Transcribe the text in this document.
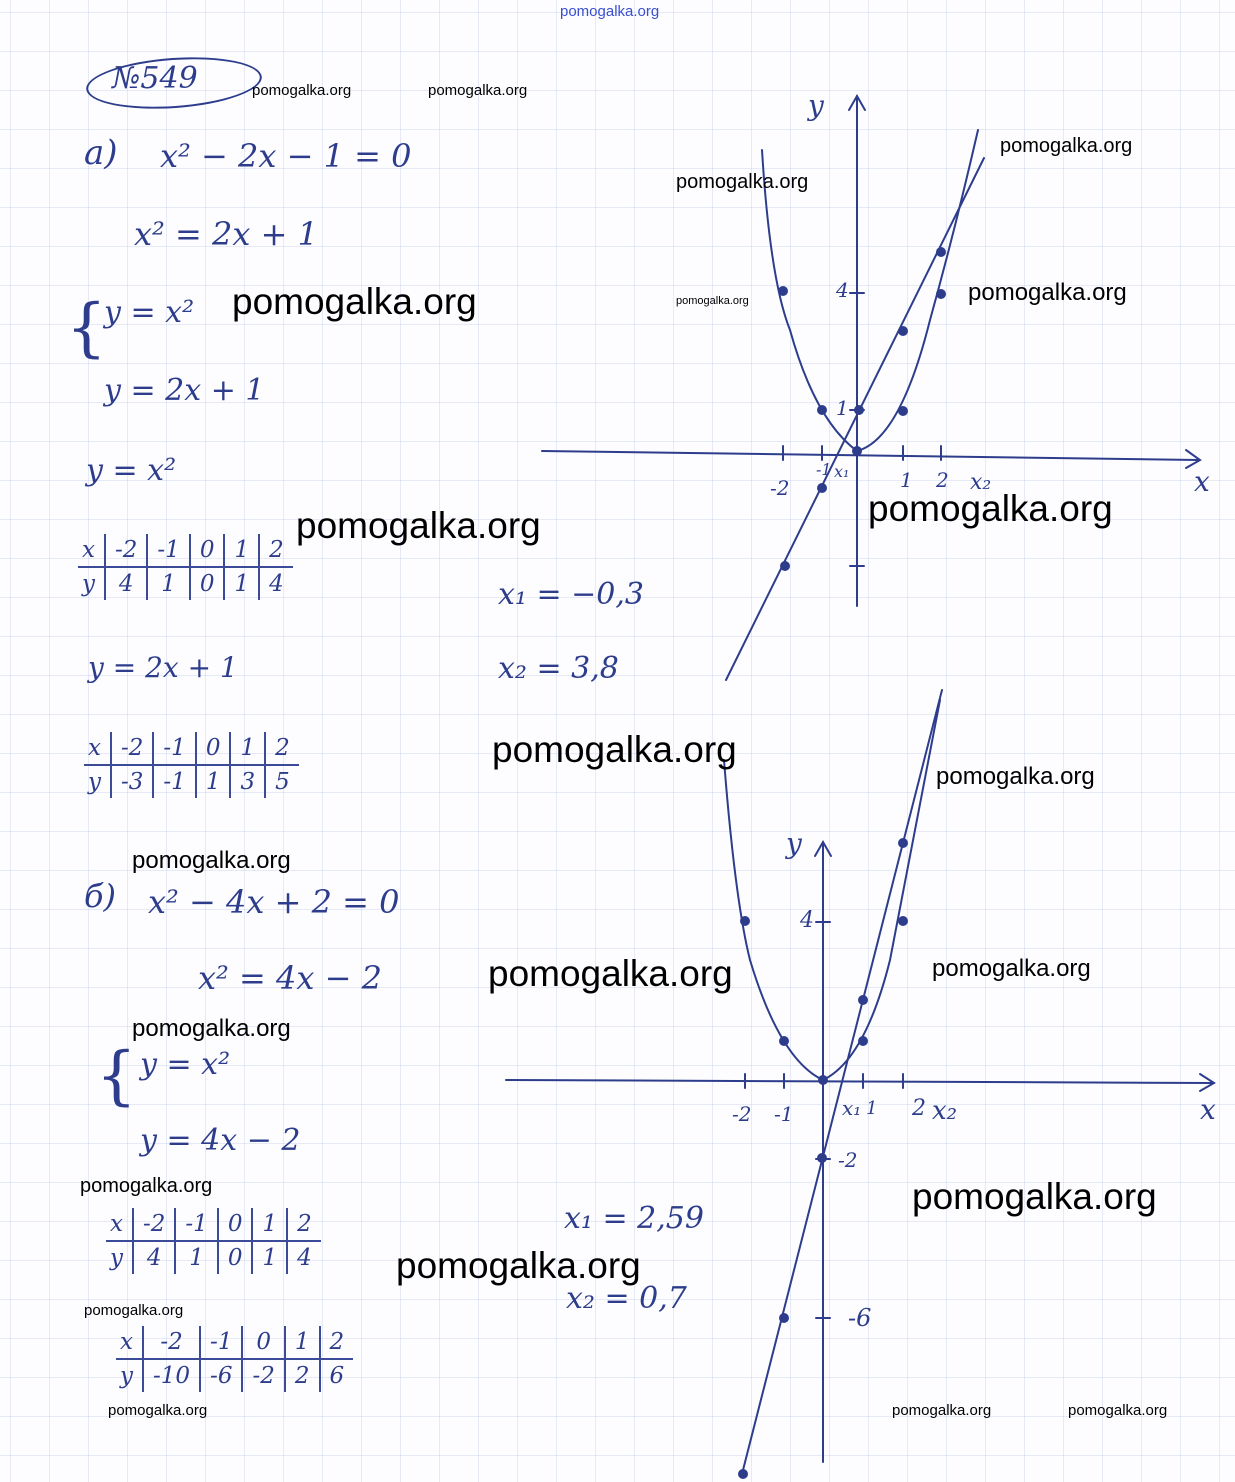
pomogalka.org
№549
а) x² − 2x − 1 = 0
x² = 2x + 1
{
y = x²
y = 2x + 1
y = x²
x	-2	-1	0	1	2
y	4	1	0	1	4
y = 2x + 1
x	-2	-1	0	1	2
y	-3	-1	1	3	5
x₁ = −0,3
x₂ = 3,8
б) x² − 4x + 2 = 0
x² = 4x − 2
{ y = x²
y = 4x − 2
x	-2	-1	0	1	2
y	4	1	0	1	4
x	-2	-1	0	1	2
y	-10	-6	-2	2	6
x₁ = 2,59
x₂ = 0,7
y
x
-2
-1	1 2
4
1
x₁	x₂
y
x
-2 -1	1 2
4
-2
-6
x₁	x₂
pomogalka.org	pomogalka.org
pomogalka.org
pomogalka.org
pomogalka.org	pomogalka.org	pomogalka.org
pomogalka.org
pomogalka.org
pomogalka.org
pomogalka.org
pomogalka.org
pomogalka.org	pomogalka.org
pomogalka.org
pomogalka.org	pomogalka.org
pomogalka.org
pomogalka.org
pomogalka.org	pomogalka.org	pomogalka.org
